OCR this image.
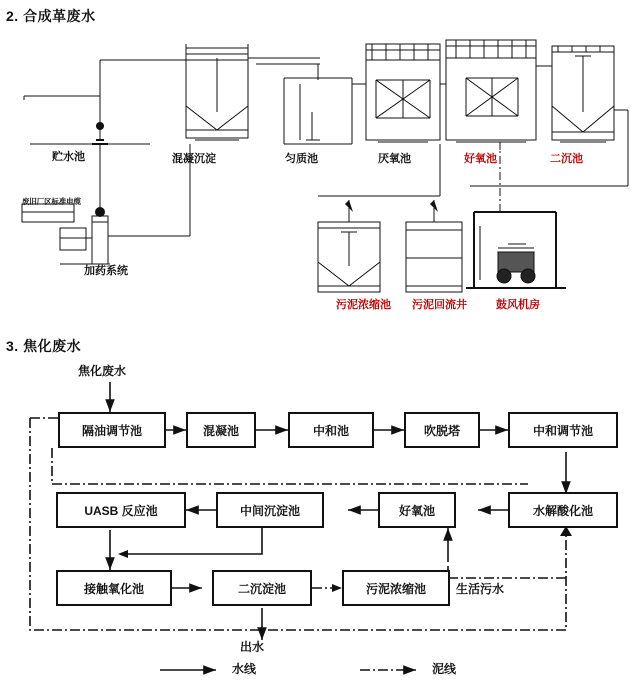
2. 合成革废水
贮水池	混凝沉淀	匀质池	厌氧池	好氧池	二沉池
加药系统
废旧厂区标准电缆
污泥浓缩池 污泥回流井	鼓风机房
3. 焦化废水
焦化废水
出水
生活污水
隔油调节池	混凝池	中和池	吹脱塔	中和调节池
UASB 反应池	中间沉淀池	好氧池	水解酸化池
接触氧化池	二沉淀池	污泥浓缩池
水线	泥线
